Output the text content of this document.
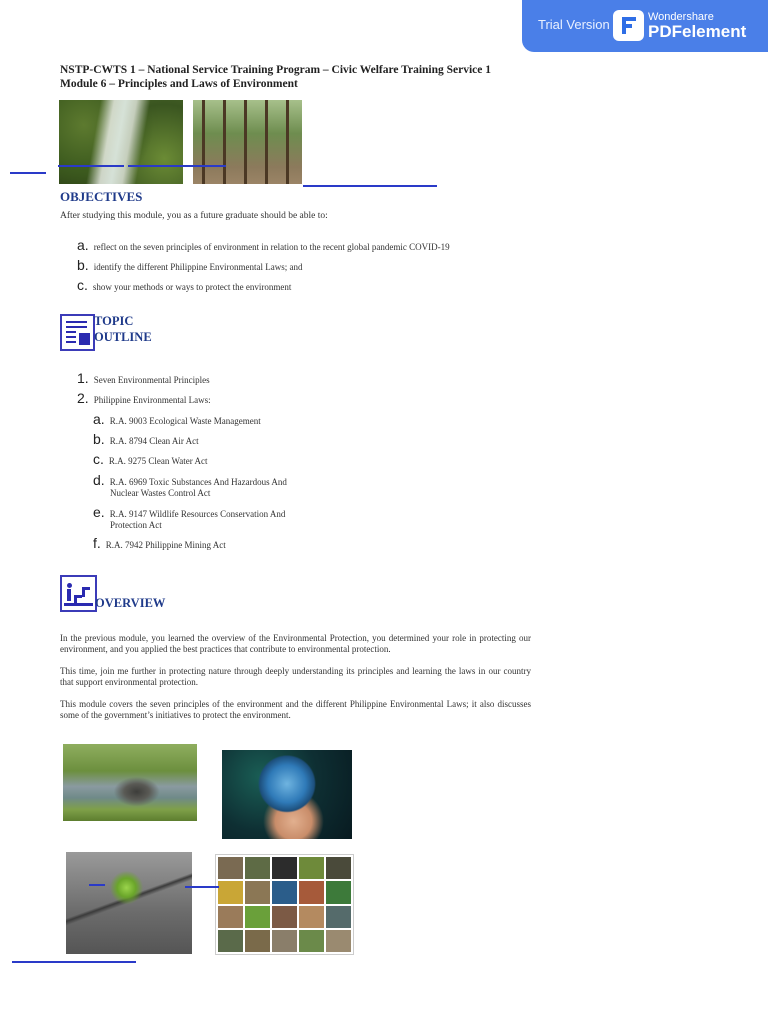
Trial Version	Wondershare
PDFelement
NSTP-CWTS 1 – National Service Training Program – Civic Welfare Training Service 1
Module 6 – Principles and Laws of Environment
OBJECTIVES
After studying this module, you as a future graduate should be able to:
a. reflect on the seven principles of environment in relation to the recent global pandemic COVID-19
b. identify the different Philippine Environmental Laws; and
c. show your methods or ways to protect the environment
TOPIC
OUTLINE
1. Seven Environmental Principles
2. Philippine Environmental Laws:
a. R.A. 9003 Ecological Waste Management
b. R.A. 8794 Clean Air Act
c. R.A. 9275 Clean Water Act
d. R.A. 6969 Toxic Substances And Hazardous And
Nuclear Wastes Control Act
e. R.A. 9147 Wildlife Resources Conservation And
Protection Act
f. R.A. 7942 Philippine Mining Act
OVERVIEW
In the previous module, you learned the overview of the Environmental Protection, you determined your role in protecting our environment, and you applied the best practices that contribute to environmental protection.
This time, join me further in protecting nature through deeply understanding its principles and learning the laws in our country that support environmental protection.
This module covers the seven principles of the environment and the different Philippine Environmental Laws; it also discusses some of the government’s initiatives to protect the environment.
